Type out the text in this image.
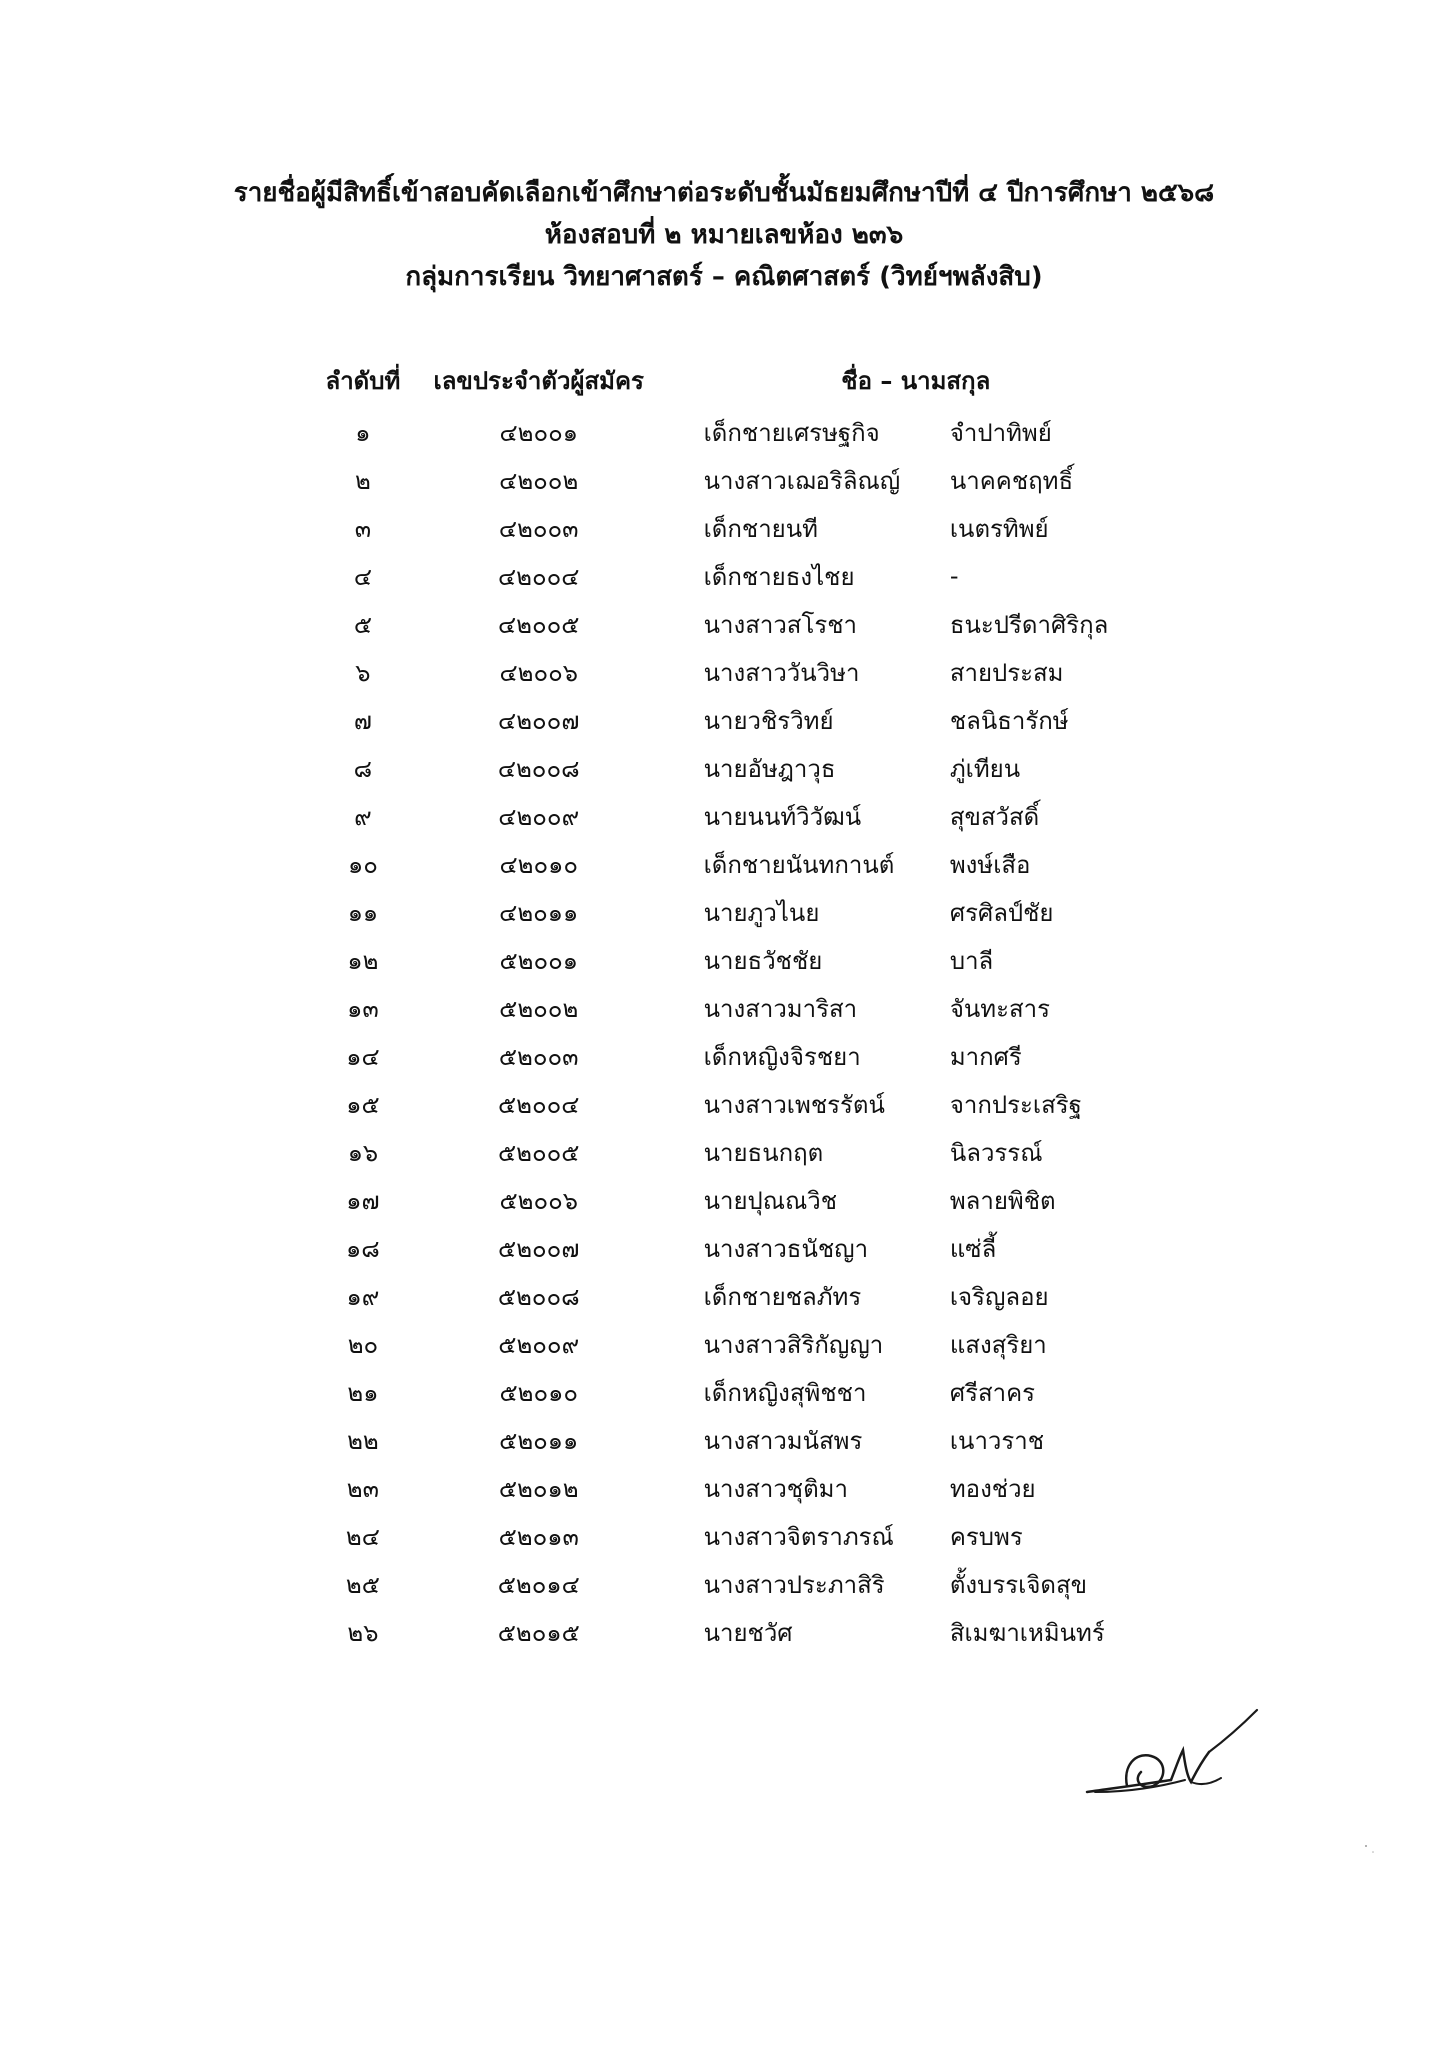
รายชื่อผู้มีสิทธิ์เข้าสอบคัดเลือกเข้าศึกษาต่อระดับชั้นมัธยมศึกษาปีที่ ๔ ปีการศึกษา ๒๕๖๘
ห้องสอบที่ ๒ หมายเลขห้อง ๒๓๖
กลุ่มการเรียน วิทยาศาสตร์ – คณิตศาสตร์ (วิทย์ฯพลังสิบ)
ลำดับที่	เลขประจำตัวผู้สมัคร	ชื่อ – นามสกุล	
๑	๔๒๐๐๑	เด็กชายเศรษฐกิจ	จำปาทิพย์
๒	๔๒๐๐๒	นางสาวเฌอริลิณญ์	นาคคชฤทธิ์
๓	๔๒๐๐๓	เด็กชายนที	เนตรทิพย์
๔	๔๒๐๐๔	เด็กชายธงไชย	-
๕	๔๒๐๐๕	นางสาวสโรชา	ธนะปรีดาศิริกุล
๖	๔๒๐๐๖	นางสาววันวิษา	สายประสม
๗	๔๒๐๐๗	นายวชิรวิทย์	ชลนิธารักษ์
๘	๔๒๐๐๘	นายอัษฎาวุธ	ภู่เทียน
๙	๔๒๐๐๙	นายนนท์วิวัฒน์	สุขสวัสดิ์
๑๐	๔๒๐๑๐	เด็กชายนันทกานต์	พงษ์เสือ
๑๑	๔๒๐๑๑	นายภูวไนย	ศรศิลป์ชัย
๑๒	๕๒๐๐๑	นายธวัชชัย	บาลี
๑๓	๕๒๐๐๒	นางสาวมาริสา	จันทะสาร
๑๔	๕๒๐๐๓	เด็กหญิงจิรชยา	มากศรี
๑๕	๕๒๐๐๔	นางสาวเพชรรัตน์	จากประเสริฐ
๑๖	๕๒๐๐๕	นายธนกฤต	นิลวรรณ์
๑๗	๕๒๐๐๖	นายปุณณวิช	พลายพิชิต
๑๘	๕๒๐๐๗	นางสาวธนัชญา	แซ่ลี้
๑๙	๕๒๐๐๘	เด็กชายชลภัทร	เจริญลอย
๒๐	๕๒๐๐๙	นางสาวสิริกัญญา	แสงสุริยา
๒๑	๕๒๐๑๐	เด็กหญิงสุพิชชา	ศรีสาคร
๒๒	๕๒๐๑๑	นางสาวมนัสพร	เนาวราช
๒๓	๕๒๐๑๒	นางสาวชุติมา	ทองช่วย
๒๔	๕๒๐๑๓	นางสาวจิตราภรณ์	ครบพร
๒๕	๕๒๐๑๔	นางสาวประภาสิริ	ตั้งบรรเจิดสุข
๒๖	๕๒๐๑๕	นายชวัศ	สิเมฆาเหมินทร์
